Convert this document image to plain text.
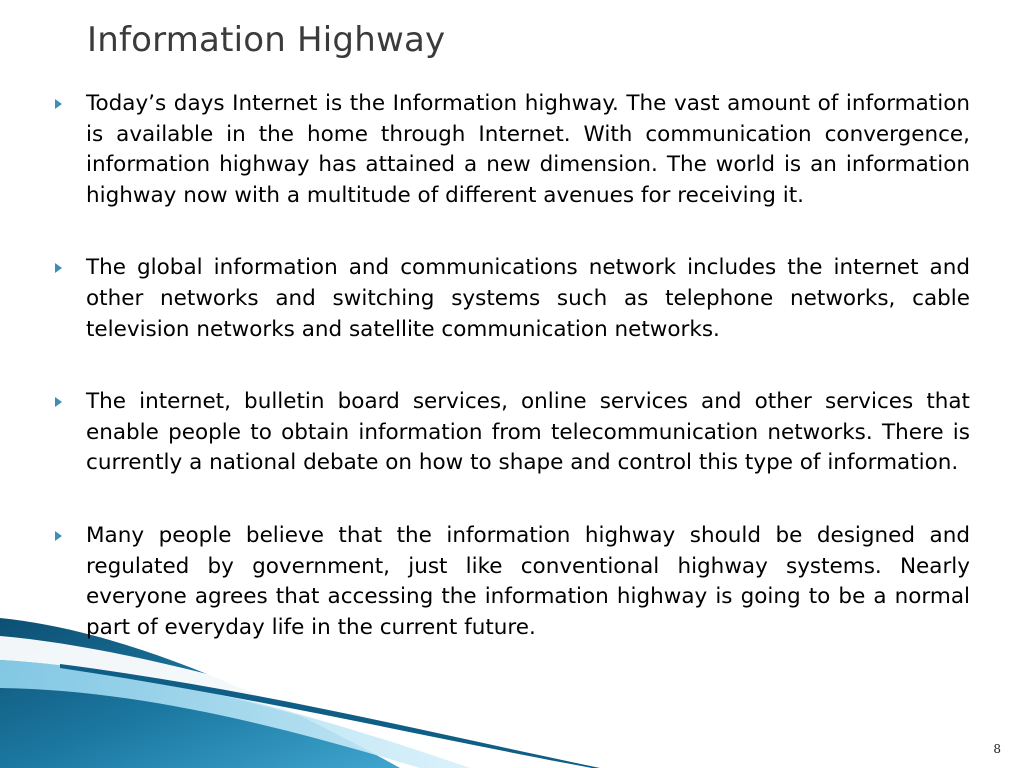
Information Highway
Today’s days Internet is the Information highway. The vast amount of information is available in the home through Internet. With communication convergence, information highway has attained a new dimension. The world is an information highway now with a multitude of different avenues for receiving it.
The global information and communications network includes the internet and other networks and switching systems such as telephone networks, cable television networks and satellite communication networks.
The internet, bulletin board services, online services and other services that enable people to obtain information from telecommunication networks. There is currently a national debate on how to shape and control this type of information.
Many people believe that the information highway should be designed and regulated by government, just like conventional highway systems. Nearly everyone agrees that accessing the information highway is going to be a normal part of everyday life in the current future.
8
